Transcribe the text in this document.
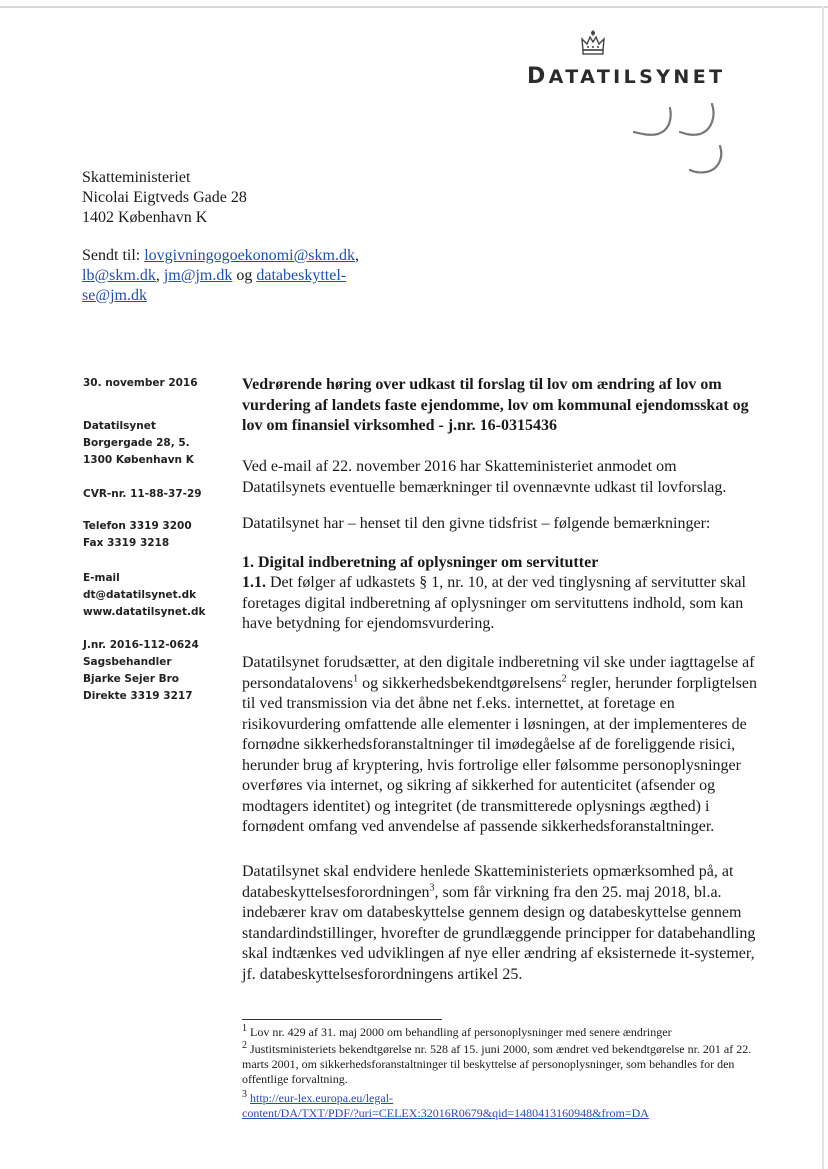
DATATILSYNET
Skatteministeriet
Nicolai Eigtveds Gade 28
1402 København K
Sendt til: lovgivningogoekonomi@skm.dk,
lb@skm.dk, jm@jm.dk og databeskyttel-
se@jm.dk
30. november 2016
Datatilsynet
Borgergade 28, 5.
1300 København K
CVR-nr. 11-88-37-29
Telefon 3319 3200
Fax 3319 3218
E-mail
dt@datatilsynet.dk
www.datatilsynet.dk
J.nr. 2016-112-0624
Sagsbehandler
Bjarke Sejer Bro
Direkte 3319 3217
Vedrørende høring over udkast til forslag til lov om ændring af lov om vurdering af landets faste ejendomme, lov om kommunal ejendomsskat og lov om finansiel virksomhed - j.nr. 16-0315436
Ved e-mail af 22. november 2016 har Skatteministeriet anmodet om Datatilsynets eventuelle bemærkninger til ovennævnte udkast til lovforslag.
Datatilsynet har – henset til den givne tidsfrist – følgende bemærkninger:
1. Digital indberetning af oplysninger om servitutter
1.1. Det følger af udkastets § 1, nr. 10, at der ved tinglysning af servitutter skal foretages digital indberetning af oplysninger om servituttens indhold, som kan have betydning for ejendomsvurdering.
Datatilsynet forudsætter, at den digitale indberetning vil ske under iagttagelse af persondatalovens$^1$ og sikkerhedsbekendtgørelsens$^2$ regler, herunder forpligtelsen til ved transmission via det åbne net f.eks. internettet, at foretage en risikovurdering omfattende alle elementer i løsningen, at der implementeres de fornødne sikkerhedsforanstaltninger til imødegåelse af de foreliggende risici, herunder brug af kryptering, hvis fortrolige eller følsomme personoplysninger overføres via internet, og sikring af sikkerhed for autenticitet (afsender og modtagers identitet) og integritet (de transmitterede oplysnings ægthed) i fornødent omfang ved anvendelse af passende sikkerhedsforanstaltninger.
Datatilsynet skal endvidere henlede Skatteministeriets opmærksomhed på, at databeskyttelsesforordningen$^3$, som får virkning fra den 25. maj 2018, bl.a. indebærer krav om databeskyttelse gennem design og databeskyttelse gennem standardindstillinger, hvorefter de grundlæggende principper for databehandling skal indtænkes ved udviklingen af nye eller ændring af eksisternede it-systemer, jf. databeskyttelsesforordningens artikel 25.
$^1$ Lov nr. 429 af 31. maj 2000 om behandling af personoplysninger med senere ændringer
$^2$ Justitsministeriets bekendtgørelse nr. 528 af 15. juni 2000, som ændret ved bekendtgørelse nr. 201 af 22. marts 2001, om sikkerhedsforanstaltninger til beskyttelse af personoplysninger, som behandles for den offentlige forvaltning.
$^3$ http://eur-lex.europa.eu/legal-
content/DA/TXT/PDF/?uri=CELEX:32016R0679&qid=1480413160948&from=DA
